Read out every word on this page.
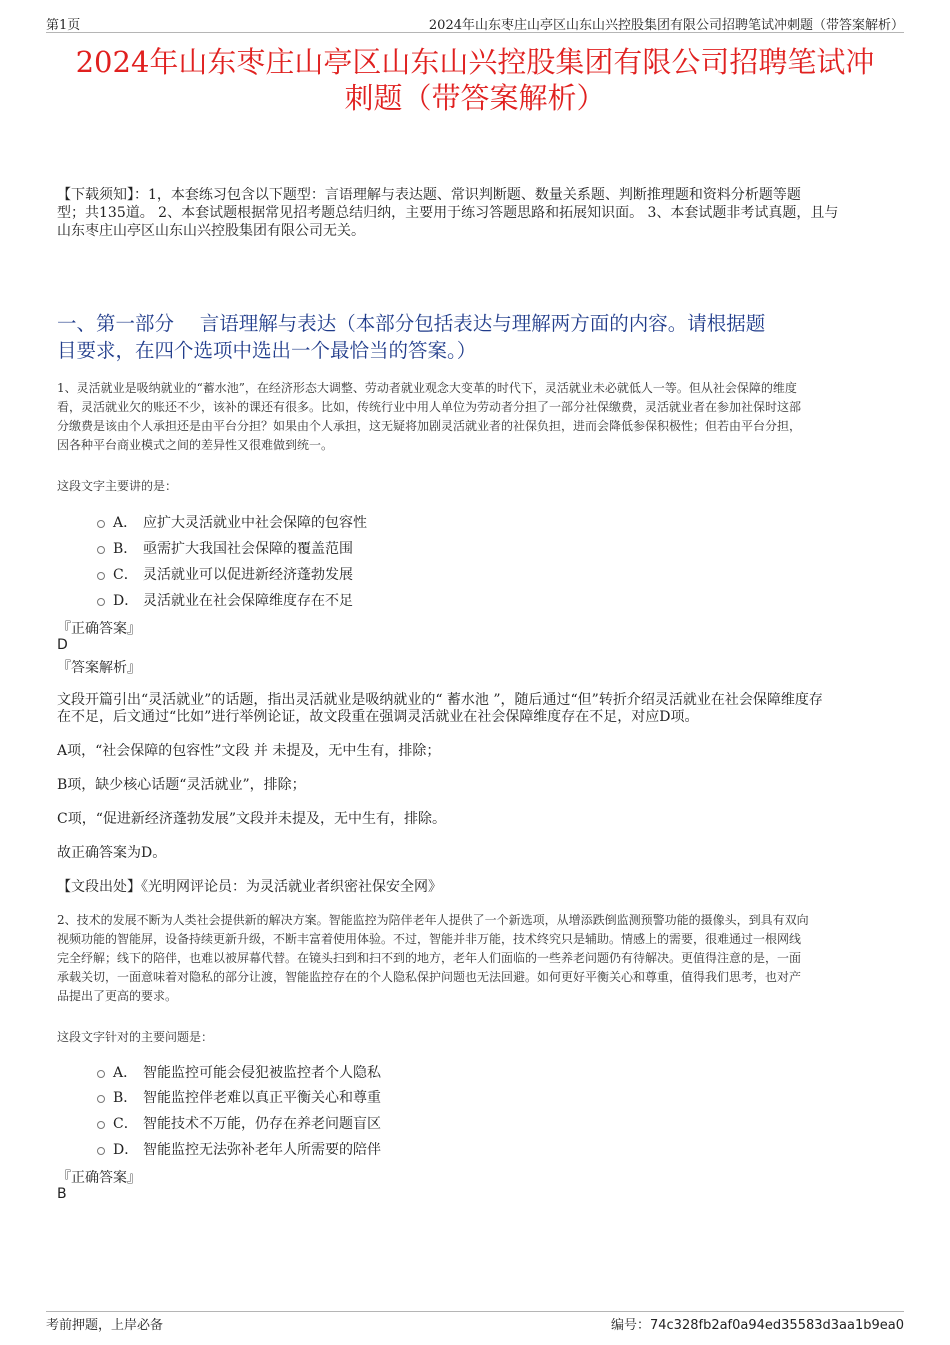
第1页	2024年山东枣庄山亭区山东山兴控股集团有限公司招聘笔试冲刺题（带答案解析）
2024年山东枣庄山亭区山东山兴控股集团有限公司招聘笔试冲
刺题（带答案解析）
【下载须知】：1，本套练习包含以下题型：言语理解与表达题、常识判断题、数量关系题、判断推理题和资料分析题等题
型；共135道。 2、本套试题根据常见招考题总结归纳，主要用于练习答题思路和拓展知识面。 3、本套试题非考试真题，且与
山东枣庄山亭区山东山兴控股集团有限公司无关。
一、第一部分　 言语理解与表达（本部分包括表达与理解两方面的内容。请根据题
目要求，在四个选项中选出一个最恰当的答案。）
1、灵活就业是吸纳就业的“蓄水池”，在经济形态大调整、劳动者就业观念大变革的时代下，灵活就业未必就低人一等。但从社会保障的维度
看，灵活就业欠的账还不少，该补的课还有很多。比如，传统行业中用人单位为劳动者分担了一部分社保缴费，灵活就业者在参加社保时这部
分缴费是该由个人承担还是由平台分担？如果由个人承担，这无疑将加剧灵活就业者的社保负担，进而会降低参保积极性；但若由平台分担，
因各种平台商业模式之间的差异性又很难做到统一。
这段文字主要讲的是：
A． 应扩大灵活就业中社会保障的包容性
B． 亟需扩大我国社会保障的覆盖范围
C． 灵活就业可以促进新经济蓬勃发展
D． 灵活就业在社会保障维度存在不足
『正确答案』
D
『答案解析』
文段开篇引出“灵活就业”的话题，指出灵活就业是吸纳就业的“ 蓄水池 ”，随后通过“但”转折介绍灵活就业在社会保障维度存
在不足，后文通过“比如”进行举例论证，故文段重在强调灵活就业在社会保障维度存在不足，对应D项。
A项，“社会保障的包容性”文段 并 未提及，无中生有，排除；
B项，缺少核心话题“灵活就业”，排除；
C项，“促进新经济蓬勃发展”文段并未提及，无中生有，排除。
故正确答案为D。
【文段出处】《光明网评论员：为灵活就业者织密社保安全网》
2、技术的发展不断为人类社会提供新的解决方案。智能监控为陪伴老年人提供了一个新选项，从增添跌倒监测预警功能的摄像头，到具有双向
视频功能的智能屏，设备持续更新升级，不断丰富着使用体验。不过，智能并非万能，技术终究只是辅助。情感上的需要，很难通过一根网线
完全纾解；线下的陪伴，也难以被屏幕代替。在镜头扫到和扫不到的地方，老年人们面临的一些养老问题仍有待解决。更值得注意的是，一面
承载关切，一面意味着对隐私的部分让渡，智能监控存在的个人隐私保护问题也无法回避。如何更好平衡关心和尊重，值得我们思考，也对产
品提出了更高的要求。
这段文字针对的主要问题是：
A． 智能监控可能会侵犯被监控者个人隐私
B． 智能监控伴老难以真正平衡关心和尊重
C． 智能技术不万能，仍存在养老问题盲区
D． 智能监控无法弥补老年人所需要的陪伴
『正确答案』
B
考前押题，上岸必备	编号：74c328fb2af0a94ed35583d3aa1b9ea0
